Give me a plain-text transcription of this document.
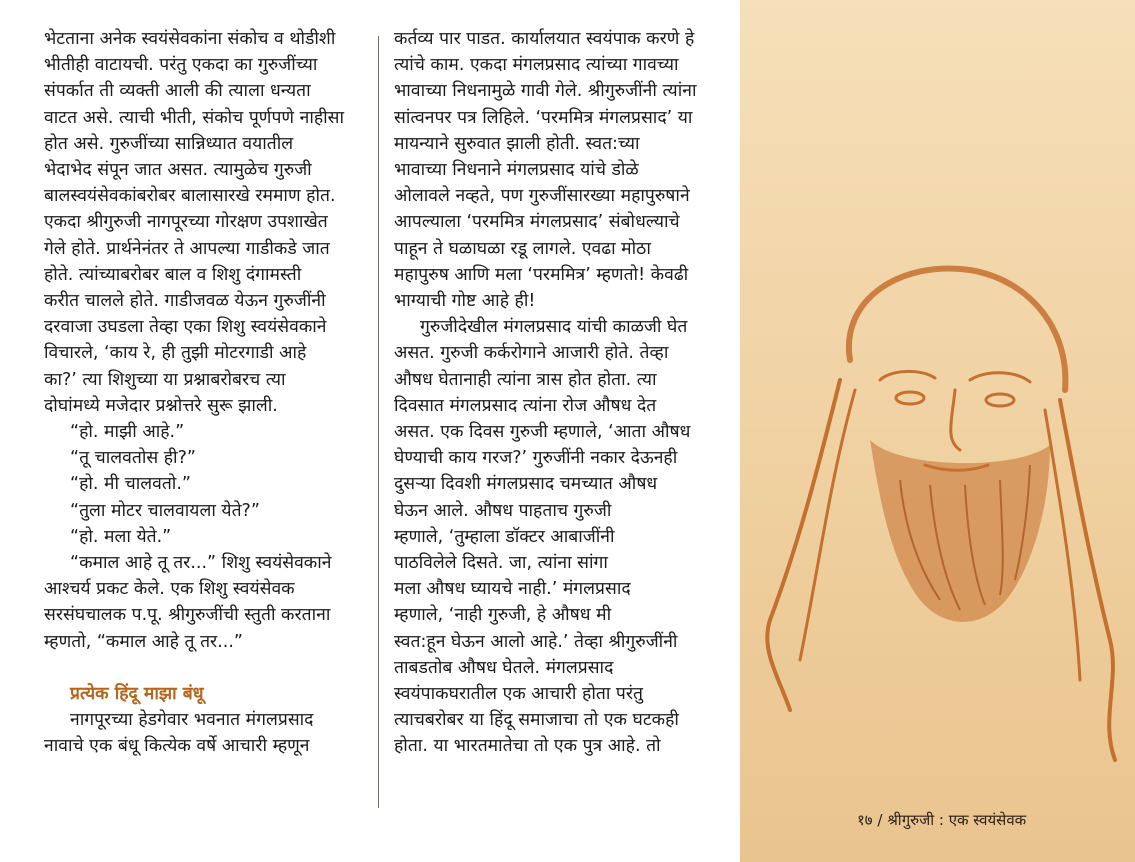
भेटताना अनेक स्वयंसेवकांना संकोच व थोडीशी
भीतीही वाटायची. परंतु एकदा का गुरुजींच्या
संपर्कात ती व्यक्ती आली की त्याला धन्यता
वाटत असे. त्याची भीती, संकोच पूर्णपणे नाहीसा
होत असे. गुरुजींच्या सान्निध्यात वयातील
भेदाभेद संपून जात असत. त्यामुळेच गुरुजी
बालस्वयंसेवकांबरोबर बालासारखे रममाण होत.
एकदा श्रीगुरुजी नागपूरच्या गोरक्षण उपशाखेत
गेले होते. प्रार्थनेनंतर ते आपल्या गाडीकडे जात
होते. त्यांच्याबरोबर बाल व शिशु दंगामस्ती
करीत चालले होते. गाडीजवळ येऊन गुरुजींनी
दरवाजा उघडला तेव्हा एका शिशु स्वयंसेवकाने
विचारले, ‘काय रे, ही तुझी मोटरगाडी आहे
का?’ त्या शिशुच्या या प्रश्नाबरोबरच त्या
दोघांमध्ये मजेदार प्रश्नोत्तरे सुरू झाली.
“हो. माझी आहे.”
“तू चालवतोस ही?”
“हो. मी चालवतो.”
“तुला मोटर चालवायला येते?”
“हो. मला येते.”
“कमाल आहे तू तर...” शिशु स्वयंसेवकाने
आश्चर्य प्रकट केले. एक शिशु स्वयंसेवक
सरसंघचालक प.पू. श्रीगुरुजींची स्तुती करताना
म्हणतो, “कमाल आहे तू तर...”
प्रत्येक हिंदू माझा बंधू
नागपूरच्या हेडगेवार भवनात मंगलप्रसाद
नावाचे एक बंधू कित्येक वर्षे आचारी म्हणून
कर्तव्य पार पाडत. कार्यालयात स्वयंपाक करणे हे
त्यांचे काम. एकदा मंगलप्रसाद त्यांच्या गावच्या
भावाच्या निधनामुळे गावी गेले. श्रीगुरुजींनी त्यांना
सांत्वनपर पत्र लिहिले. ‘परममित्र मंगलप्रसाद’ या
मायन्याने सुरुवात झाली होती. स्वत:च्या
भावाच्या निधनाने मंगलप्रसाद यांचे डोळे
ओलावले नव्हते, पण गुरुजींसारख्या महापुरुषाने
आपल्याला ‘परममित्र मंगलप्रसाद’ संबोधल्याचे
पाहून ते घळाघळा रडू लागले. एवढा मोठा
महापुरुष आणि मला ‘परममित्र’ म्हणतो! केवढी
भाग्याची गोष्ट आहे ही!
गुरुजीदेखील मंगलप्रसाद यांची काळजी घेत
असत. गुरुजी कर्करोगाने आजारी होते. तेव्हा
औषध घेतानाही त्यांना त्रास होत होता. त्या
दिवसात मंगलप्रसाद त्यांना रोज औषध देत
असत. एक दिवस गुरुजी म्हणाले, ‘आता औषध
घेण्याची काय गरज?’ गुरुजींनी नकार देऊनही
दुसऱ्या दिवशी मंगलप्रसाद चमच्यात औषध
घेऊन आले. औषध पाहताच गुरुजी
म्हणाले, ‘तुम्हाला डॉक्टर आबाजींनी
पाठविलेले दिसते. जा, त्यांना सांगा
मला औषध घ्यायचे नाही.’ मंगलप्रसाद
म्हणाले, ‘नाही गुरुजी, हे औषध मी
स्वत:हून घेऊन आलो आहे.’ तेव्हा श्रीगुरुजींनी
ताबडतोब औषध घेतले. मंगलप्रसाद
स्वयंपाकघरातील एक आचारी होता परंतु
त्याचबरोबर या हिंदू समाजाचा तो एक घटकही
होता. या भारतमातेचा तो एक पुत्र आहे. तो
१७ / श्रीगुरुजी : एक स्वयंसेवक
